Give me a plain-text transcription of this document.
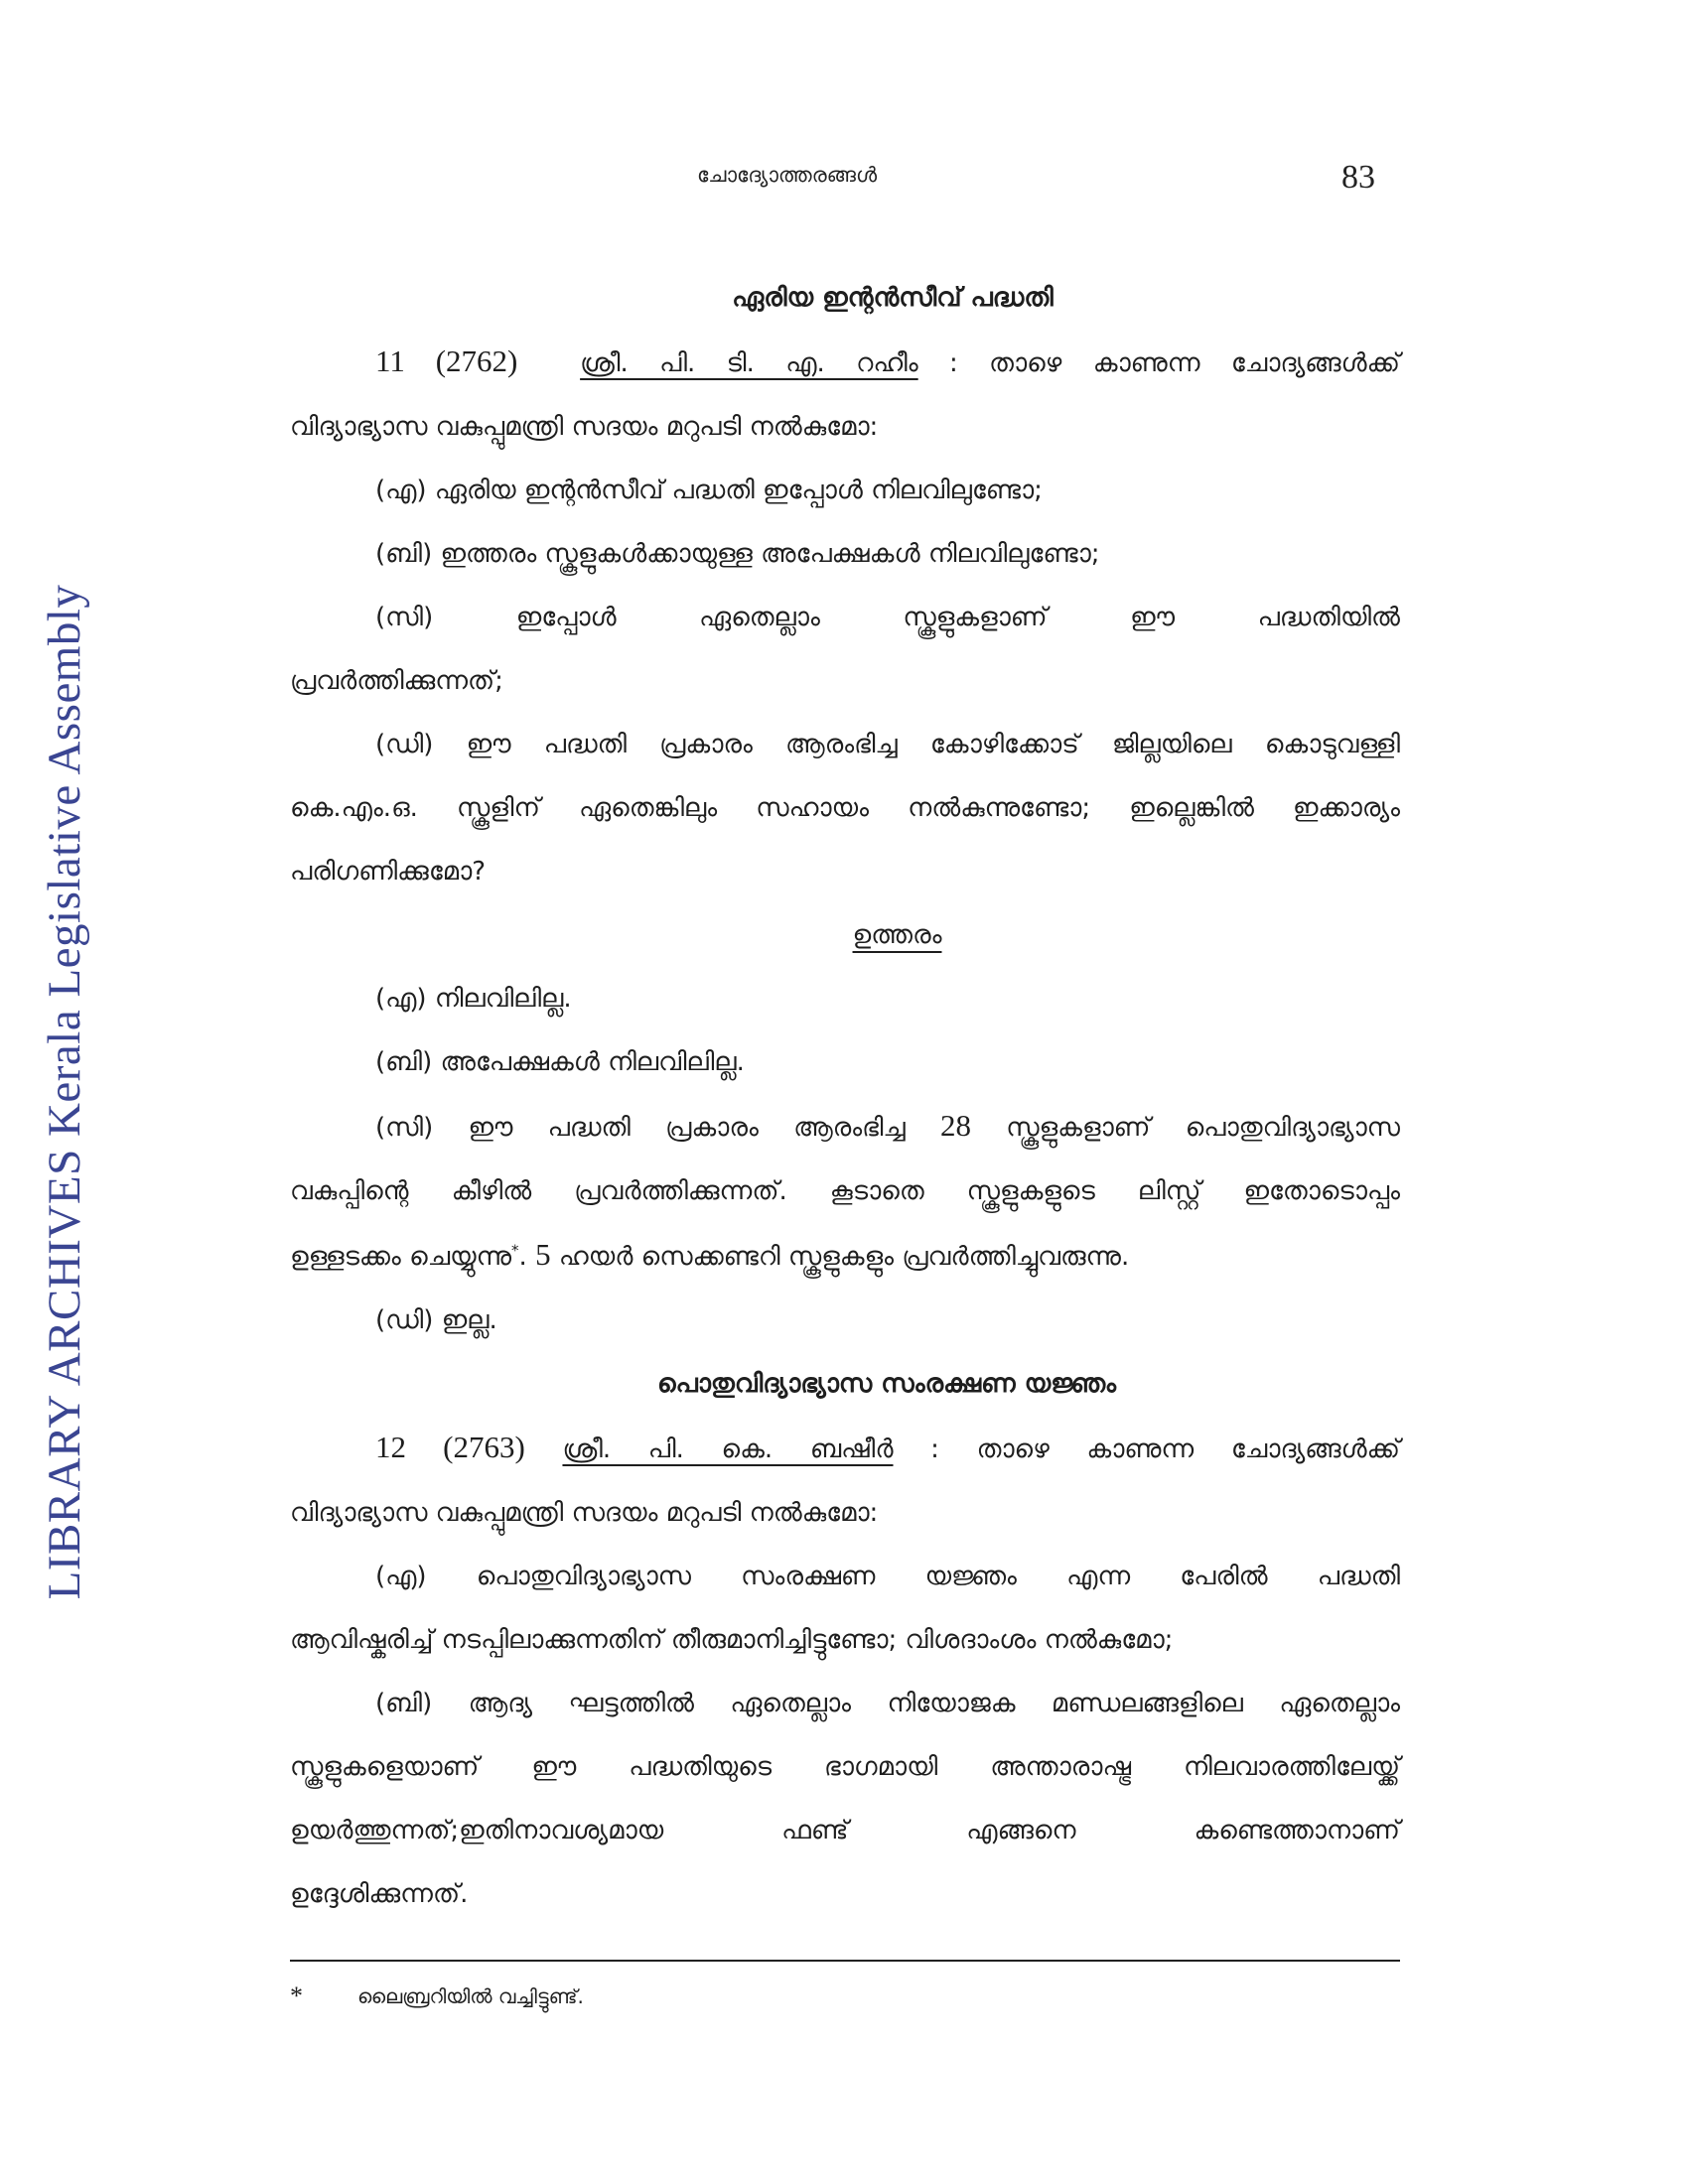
LIBRARY ARCHIVES Kerala Legislative Assembly
ചോദ്യോത്തരങ്ങൾ	83
ഏരിയ ഇന്റൻസീവ് പദ്ധതി

11 (2762) ശ്രീ. പി. ടി. എ. റഹീം : താഴെ കാണുന്ന ചോദ്യങ്ങൾക്ക്

വിദ്യാഭ്യാസ വകുപ്പുമന്ത്രി സദയം മറുപടി നൽകുമോ:

(എ) ഏരിയ ഇന്റൻസീവ് പദ്ധതി ഇപ്പോൾ നിലവിലുണ്ടോ;

(ബി) ഇത്തരം സ്കൂളുകൾക്കായുള്ള അപേക്ഷകൾ നിലവിലുണ്ടോ;

(സി) ഇപ്പോൾ ഏതെല്ലാം സ്കൂളുകളാണ് ഈ പദ്ധതിയിൽ

പ്രവർത്തിക്കുന്നത്;

(ഡി) ഈ പദ്ധതി പ്രകാരം ആരംഭിച്ച കോഴിക്കോട് ജില്ലയിലെ കൊടുവള്ളി

കെ.എം.ഒ. സ്കൂളിന് ഏതെങ്കിലും സഹായം നൽകുന്നുണ്ടോ; ഇല്ലെങ്കിൽ ഇക്കാര്യം

പരിഗണിക്കുമോ?

ഉത്തരം

(എ) നിലവിലില്ല.

(ബി) അപേക്ഷകൾ നിലവിലില്ല.

(സി) ഈ പദ്ധതി പ്രകാരം ആരംഭിച്ച 28 സ്കൂളുകളാണ് പൊതുവിദ്യാഭ്യാസ

വകുപ്പിന്റെ കീഴിൽ പ്രവർത്തിക്കുന്നത്. കൂടാതെ സ്കൂളുകളുടെ ലിസ്റ്റ് ഇതോടൊപ്പം

ഉള്ളടക്കം ചെയ്യുന്നു*. 5 ഹയർ സെക്കണ്ടറി സ്കൂളുകളും പ്രവർത്തിച്ചുവരുന്നു.

(ഡി) ഇല്ല.

പൊതുവിദ്യാഭ്യാസ സംരക്ഷണ യജ്ഞം

12 (2763) ശ്രീ. പി. കെ. ബഷീർ : താഴെ കാണുന്ന ചോദ്യങ്ങൾക്ക്

വിദ്യാഭ്യാസ വകുപ്പുമന്ത്രി സദയം മറുപടി നൽകുമോ:

(എ) പൊതുവിദ്യാഭ്യാസ സംരക്ഷണ യജ്ഞം എന്ന പേരിൽ പദ്ധതി

ആവിഷ്കരിച്ച് നടപ്പിലാക്കുന്നതിന് തീരുമാനിച്ചിട്ടുണ്ടോ; വിശദാംശം നൽകുമോ;

(ബി) ആദ്യ ഘട്ടത്തിൽ ഏതെല്ലാം നിയോജക മണ്ഡലങ്ങളിലെ ഏതെല്ലാം

സ്കൂളുകളെയാണ് ഈ പദ്ധതിയുടെ ഭാഗമായി അന്താരാഷ്ട്ര നിലവാരത്തിലേയ്ക്ക്

ഉയർത്തുന്നത്;ഇതിനാവശ്യമായ ഫണ്ട് എങ്ങനെ കണ്ടെത്താനാണ്

ഉദ്ദേശിക്കുന്നത്.

*	ലൈബ്രറിയിൽ വച്ചിട്ടുണ്ട്.
